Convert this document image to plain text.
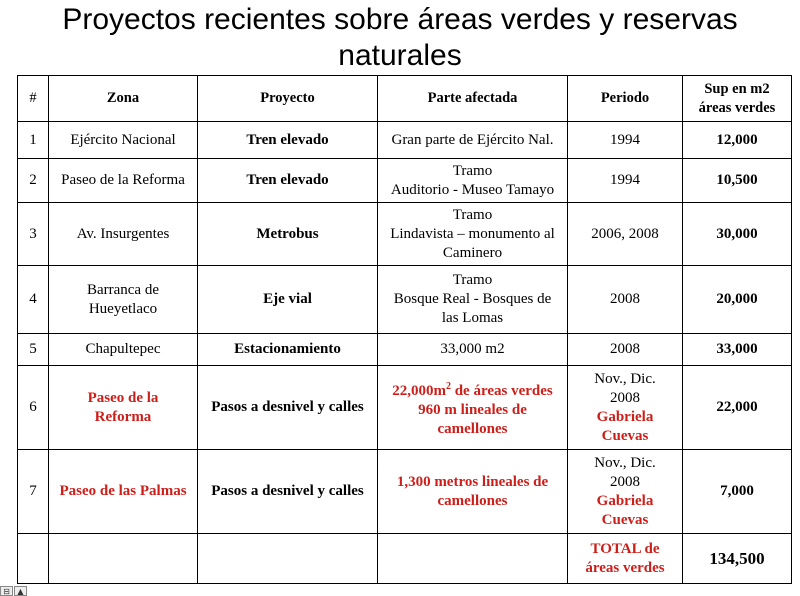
Proyectos recientes sobre áreas verdes y reservas
naturales
#	Zona	Proyecto	Parte afectada	Periodo	Sup en m2
áreas verdes

1	Ejército Nacional	Tren elevado	Gran parte de Ejército Nal.	1994	12,000
2	Paseo de la Reforma	Tren elevado	Tramo
Auditorio - Museo Tamayo	1994	10,500
3	Av. Insurgentes	Metrobus	Tramo
Lindavista – monumento al
Caminero	2006, 2008	30,000
4	Barranca de
Hueyetlaco	Eje vial	Tramo
Bosque Real - Bosques de
las Lomas	2008	20,000
5	Chapultepec	Estacionamiento	33,000 m2	2008	33,000
6	Paseo de la
Reforma	Pasos a desnivel y calles	$22,000m^2$ de áreas verdes
960 m lineales de
camellones	Nov., Dic.
2008
Gabriela
Cuevas	22,000
7	Paseo de las Palmas	Pasos a desnivel y calles	1,300 metros lineales de
camellones	Nov., Dic.
2008
Gabriela
Cuevas	7,000

				TOTAL de
áreas verdes	134,500
⊟ ▲
